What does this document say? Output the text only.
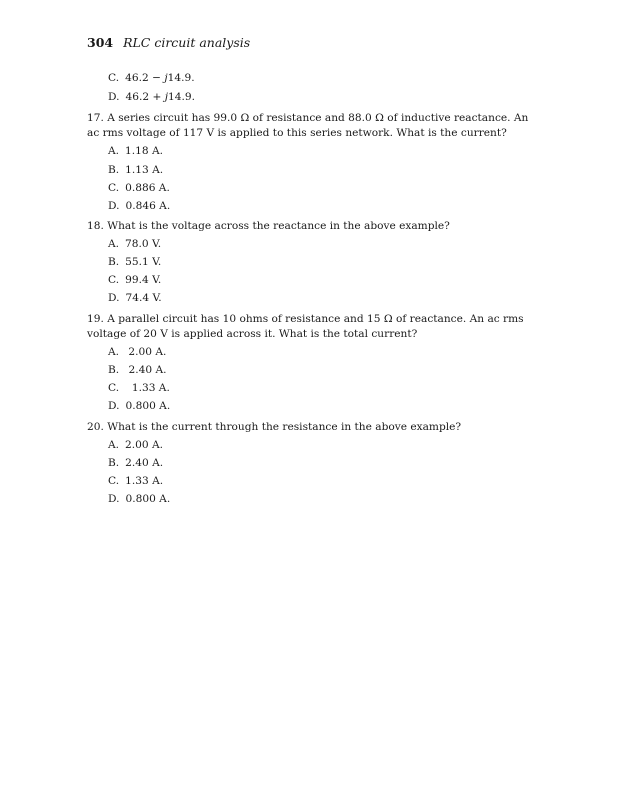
304 RLC circuit analysis
C. 46.2 − j14.9.
D. 46.2 + j14.9.
17. A series circuit has 99.0 Ω of resistance and 88.0 Ω of inductive reactance. An
ac rms voltage of 117 V is applied to this series network. What is the current?
A. 1.18 A.
B. 1.13 A.
C. 0.886 A.
D. 0.846 A.
18. What is the voltage across the reactance in the above example?
A. 78.0 V.
B. 55.1 V.
C. 99.4 V.
D. 74.4 V.
19. A parallel circuit has 10 ohms of resistance and 15 Ω of reactance. An ac rms
voltage of 20 V is applied across it. What is the total current?
A. 2.00 A.
B. 2.40 A.
C.  1.33 A.
D. 0.800 A.
20. What is the current through the resistance in the above example?
A. 2.00 A.
B. 2.40 A.
C. 1.33 A.
D. 0.800 A.
